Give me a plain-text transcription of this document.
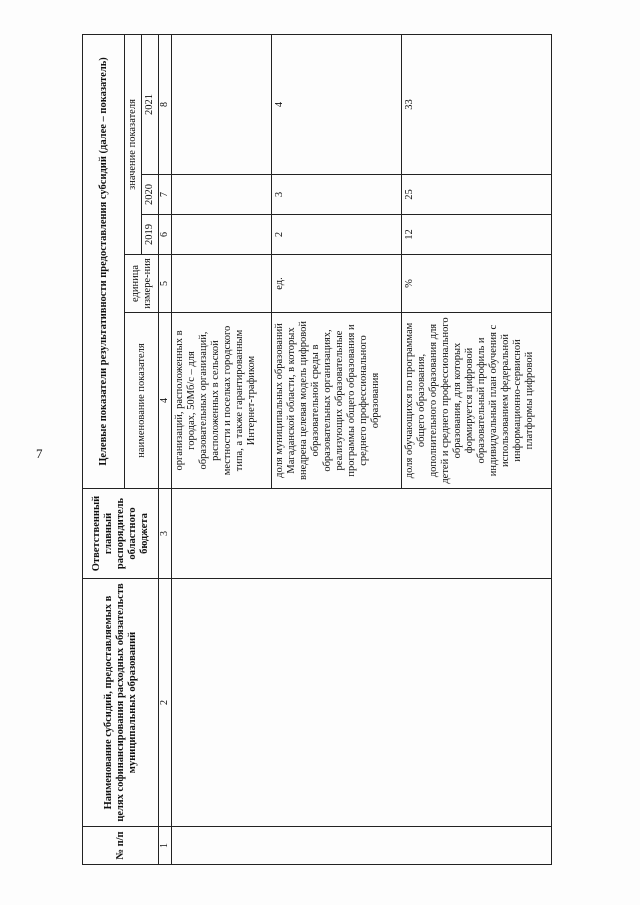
7
№ п/п	Наименование субсидий, предоставляемых в целях софинансирования расходных обязательств муниципальных образований	Ответственный главный распорядитель областного бюджета	Целевые показатели результативности предоставления субсидий (далее – показатель)				
			наименование показателя	единица измере-ния	значение показателя		
					2019	2020	2021
1	2	3	4	5	6	7	8
			организаций, расположенных в городах, 50Мб/с – для образовательных организаций, расположенных в сельской местности и поселках городского типа, а также гарантированным Интернет-трафиком				
			доля муниципальных образований Магаданской области, в которых внедрена целевая модель цифровой образовательной среды в образовательных организациях, реализующих образовательные программы общего образования и среднего профессионального образования	ед.	2	3	4
			доля обучающихся по программам общего образования, дополнительного образования для детей и среднего профессионального образования, для которых формируется цифровой образовательный профиль и индивидуальный план обучения с использованием федеральной информационно-сервисной платформы цифровой	%	12	25	33
